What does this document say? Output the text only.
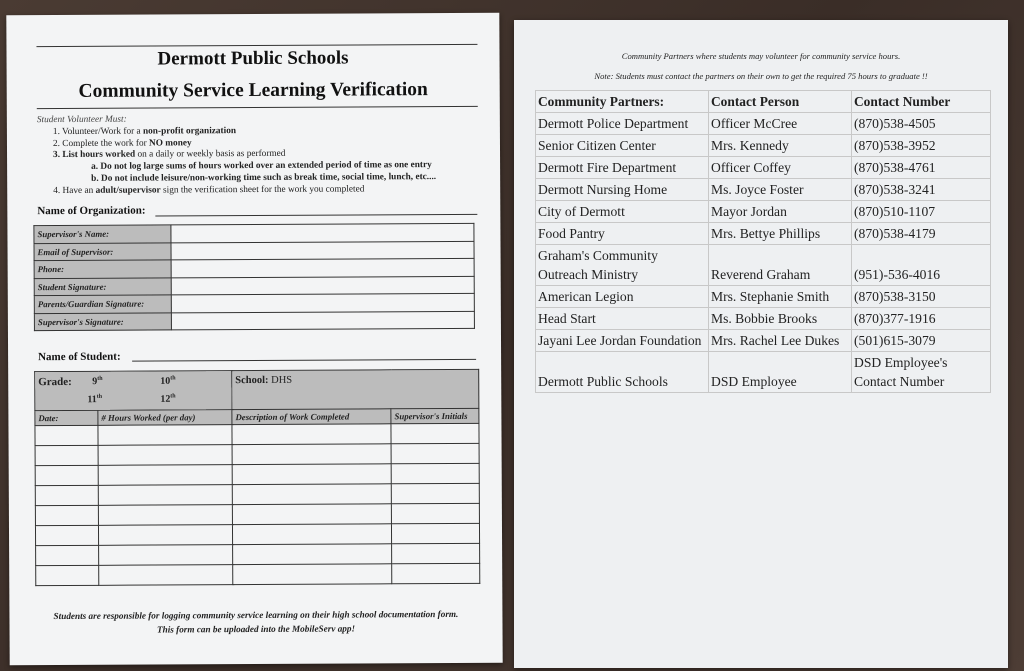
Dermott Public Schools
Community Service Learning Verification
Student Volunteer Must:
1. Volunteer/Work for a non-profit organization
2. Complete the work for NO money
3. List hours worked on a daily or weekly basis as performed
a. Do not log large sums of hours worked over an extended period of time as one entry
b. Do not include leisure/non-working time such as break time, social time, lunch, etc....
4. Have an adult/supervisor sign the verification sheet for the work you completed
Name of Organization:
Supervisor's Name:	
Email of Supervisor:	
Phone:	
Student Signature:	
Parents/Guardian Signature:	
Supervisor's Signature:	
Name of Student:
Grade: 9th 10th
11th 12th		School: DHS	
Date:	# Hours Worked (per day)	Description of Work Completed	Supervisor's Initials

Students are responsible for logging community service learning on their high school documentation form.
This form can be uploaded into the MobileServ app!
Community Partners where students may volunteer for community service hours.
Note: Students must contact the partners on their own to get the required 75 hours to graduate !!
Community Partners:	Contact Person	Contact Number
Dermott Police Department	Officer McCree	(870)538-4505
Senior Citizen Center	Mrs. Kennedy	(870)538-3952
Dermott Fire Department	Officer Coffey	(870)538-4761
Dermott Nursing Home	Ms. Joyce Foster	(870)538-3241
City of Dermott	Mayor Jordan	(870)510-1107
Food Pantry	Mrs. Bettye Phillips	(870)538-4179
Graham's Community Outreach Ministry	Reverend Graham	(951)-536-4016
American Legion	Mrs. Stephanie Smith	(870)538-3150
Head Start	Ms. Bobbie Brooks	(870)377-1916
Jayani Lee Jordan Foundation	Mrs. Rachel Lee Dukes	(501)615-3079
Dermott Public Schools	DSD Employee	DSD Employee's Contact Number
